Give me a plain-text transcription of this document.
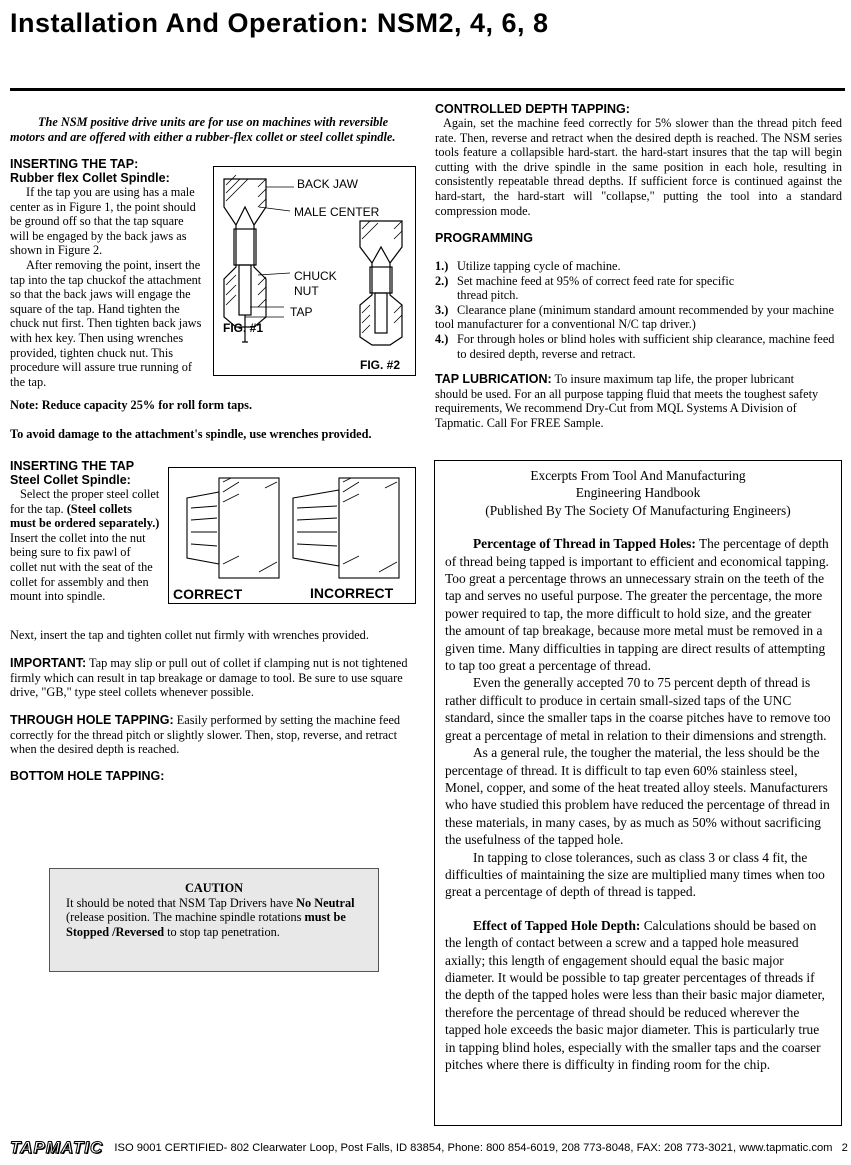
Installation And Operation: NSM2, 4, 6, 8
The NSM positive drive units are for use on machines with reversible motors and are offered with either a rubber-flex collet or steel collet spindle.
INSERTING THE TAP:
Rubber flex Collet Spindle:

If the tap you are using has a male center as in Figure 1, the point should be ground off so that the tap square will be engaged by the back jaws as shown in Figure 2.

After removing the point, insert the tap into the tap chuckof the attachment so that the back jaws will engage the square of the tap. Hand tighten the chuck nut first. Then tighten back jaws with hex key. Then using wrenches provided, tighten chuck nut. This procedure will assure true running of the tap.

BACK JAW
MALE CENTER
CHUCK
NUT
TAP
FIG. #1
FIG. #2
Note: Reduce capacity 25% for roll form taps.
To avoid damage to the attachment's spindle, use wrenches provided.
INSERTING THE TAP
Steel Collet Spindle:

Select the proper steel collet for the tap. (Steel collets must be ordered separately.) Insert the collet into the nut being sure to fix pawl of collet nut with the seat of the collet for assembly and then mount into spindle.	CORRECT	INCORRECT
Next, insert the tap and tighten collet nut firmly with wrenches provided.
IMPORTANT: Tap may slip or pull out of collet if clamping nut is not tightened firmly which can result in tap breakage or damage to tool. Be sure to use square drive, "GB," type steel collets whenever possible.
THROUGH HOLE TAPPING: Easily performed by setting the machine feed correctly for the thread pitch or slightly slower. Then, stop, reverse, and retract when the desired depth is reached.
BOTTOM HOLE TAPPING:
CAUTION
It should be noted that NSM Tap Drivers have No Neutral (release position. The machine spindle rotations must be Stopped /Reversed to stop tap penetration.
CONTROLLED DEPTH TAPPING:

Again, set the machine feed correctly for 5% slower than the thread pitch feed rate. Then, reverse and retract when the desired depth is reached. The NSM series tools feature a collapsible hard-start. the hard-start insures that the tap will begin cutting with the drive spindle in the same position in each hole, resulting in consistently repeatable thread depths. If sufficient force is continued against the hard-start, the hard-start will "collapse," putting the tool into a standard compression mode.

PROGRAMMING
1.) Utilize tapping cycle of machine.
2.) Set machine feed at 95% of correct feed rate for specific thread pitch.
3.) Clearance plane (minimum standard amount recommended by your machine tool manufacturer for a conventional N/C tap driver.)
4.) For through holes or blind holes with sufficient ship clearance, machine feed to desired depth, reverse and retract.
TAP LUBRICATION: To insure maximum tap life, the proper lubricant should be used. For an all purpose tapping fluid that meets the toughest safety requirements, We recommend Dry-Cut from MQL Systems A Division of Tapmatic. Call For FREE Sample.
Excerpts From Tool And Manufacturing
Engineering Handbook
(Published By The Society Of Manufacturing Engineers)

Percentage of Thread in Tapped Holes: The percentage of depth of thread being tapped is important to efficient and economical tapping. Too great a percentage throws an unnecessary strain on the teeth of the tap and serves no useful purpose. The greater the percentage, the more power required to tap, the more difficult to hold size, and the greater the amount of tap breakage, because more metal must be removed in a given time. Many difficulties in tapping are direct results of attempting to tap too great a percentage of thread.

Even the generally accepted 70 to 75 percent depth of thread is rather difficult to produce in certain small-sized taps of the UNC standard, since the smaller taps in the coarse pitches have to remove too great a percentage of metal in relation to their dimensions and strength.

As a general rule, the tougher the material, the less should be the percentage of thread. It is difficult to tap even 60% stainless steel, Monel, copper, and some of the heat treated alloy steels. Manufacturers who have studied this problem have reduced the percentage of thread in these materials, in many cases, by as much as 50% without sacrificing the usefulness of the tapped hole.

In tapping to close tolerances, such as class 3 or class 4 fit, the difficulties of maintaining the size are multiplied many times when too great a percentage of depth of thread is tapped.

Effect of Tapped Hole Depth: Calculations should be based on the length of contact between a screw and a tapped hole measured axially; this length of engagement should equal the basic major diameter. It would be possible to tap greater percentages of threads if the depth of the tapped holes were less than their basic major diameter, therefore the percentage of thread should be reduced wherever the tapped hole exceeds the basic major diameter. This is particularly true in tapping blind holes, especially with the smaller taps and the coarser pitches where there is difficulty in finding room for the chip.

TAPMATIC ISO 9001 CERTIFIED- 802 Clearwater Loop, Post Falls, ID 83854, Phone: 800 854-6019, 208 773-8048, FAX: 208 773-3021, www.tapmatic.com 2
